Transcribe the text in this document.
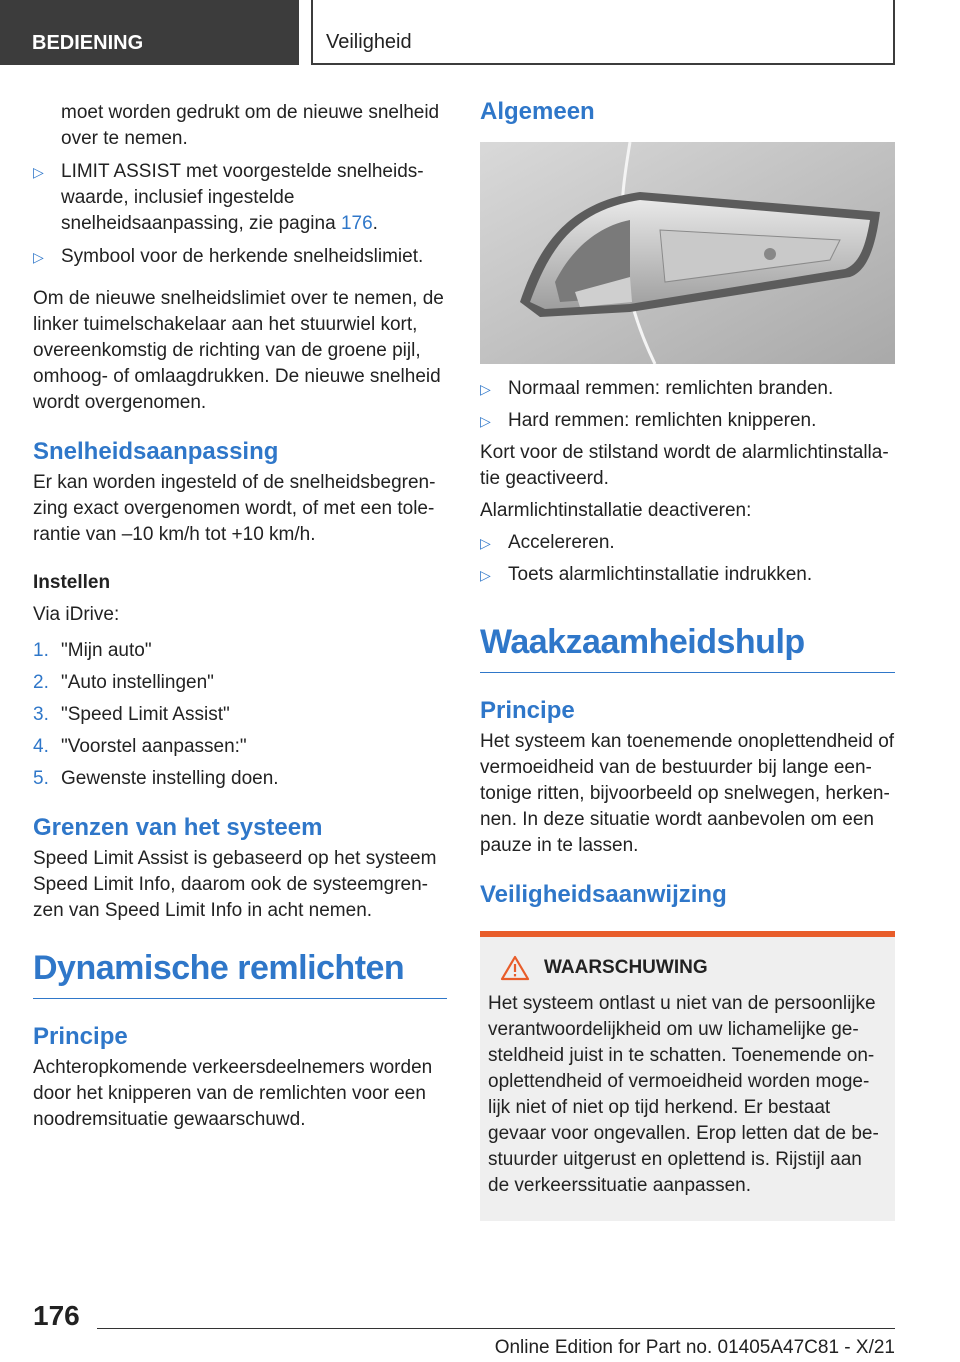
BEDIENING	Veiligheid

moet worden gedrukt om de nieuwe snelheid over te nemen.

▷ LIMIT ASSIST met voorgestelde snelheidswaarde, inclusief ingestelde snelheidsaanpassing, zie pagina 176.
▷ Symbool voor de herkende snelheidslimiet.

Om de nieuwe snelheidslimiet over te nemen, de linker tuimelschakelaar aan het stuurwiel kort, overeenkomstig de richting van de groene pijl, omhoog- of omlaagdrukken. De nieuwe snelheid wordt overgenomen.

Snelheidsaanpassing

Er kan worden ingesteld of de snelheidsbegrenzing exact overgenomen wordt, of met een tolerantie van –10 km/h tot +10 km/h.

Instellen

Via iDrive:

1. "Mijn auto"
2. "Auto instellingen"
3. "Speed Limit Assist"
4. "Voorstel aanpassen:"
5. Gewenste instelling doen.
Grenzen van het systeem

Speed Limit Assist is gebaseerd op het systeem Speed Limit Info, daarom ook de systeemgrenzen van Speed Limit Info in acht nemen.

Dynamische remlichten
Principe

Achteropkomende verkeersdeelnemers worden door het knipperen van de remlichten voor een noodremsituatie gewaarschuwd.

Algemeen
▷ Normaal remmen: remlichten branden.
▷ Hard remmen: remlichten knipperen.

Kort voor de stilstand wordt de alarmlichtinstallatie geactiveerd.

Alarmlichtinstallatie deactiveren:

▷ Accelereren.
▷ Toets alarmlichtinstallatie indrukken.
Waakzaamheidshulp
Principe

Het systeem kan toenemende onoplettendheid of vermoeidheid van de bestuurder bij lange eentonige ritten, bijvoorbeeld op snelwegen, herkennen. In deze situatie wordt aanbevolen om een pauze in te lassen.

Veiligheidsaanwijzing
WAARSCHUWING

Het systeem ontlast u niet van de persoonlijke verantwoordelijkheid om uw lichamelijke gesteldheid juist in te schatten. Toenemende onoplettendheid of vermoeidheid worden mogelijk niet of niet op tijd herkend. Er bestaat gevaar voor ongevallen. Erop letten dat de bestuurder uitgerust en oplettend is. Rijstijl aan de verkeerssituatie aanpassen.

176
Online Edition for Part no. 01405A47C81 - X/21
